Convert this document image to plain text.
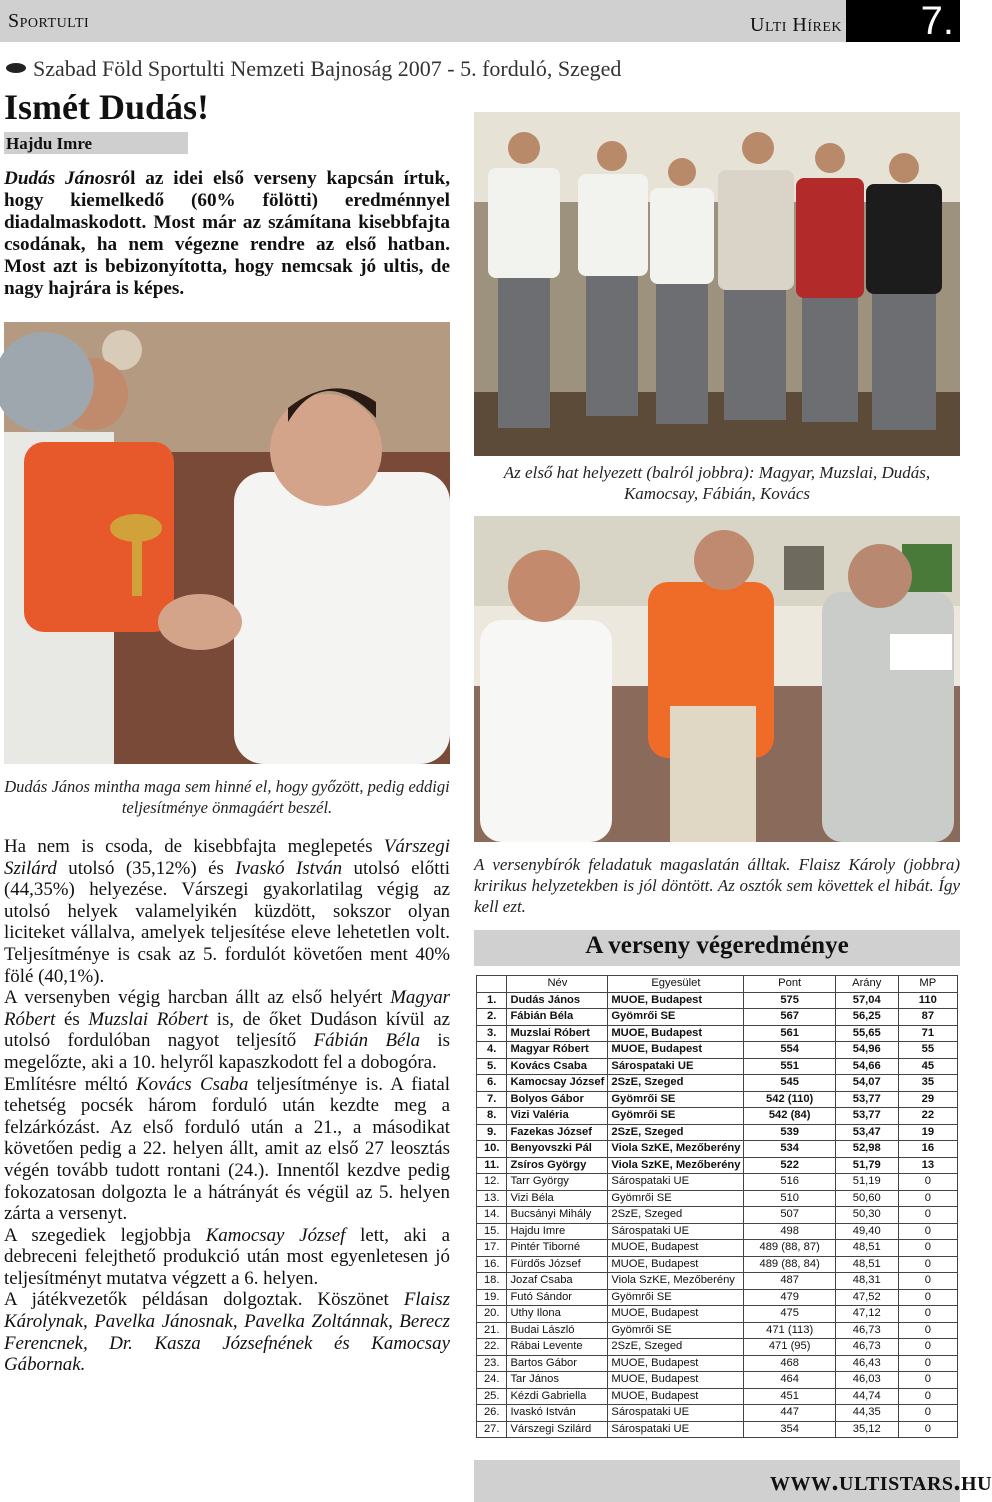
Sportulti	Ulti Hírek	7.
Szabad Föld Sportulti Nemzeti Bajnoság 2007 - 5. forduló, Szeged
Ismét Dudás!
Hajdu Imre
Dudás Jánosról az idei első verseny kapcsán írtuk, hogy kiemelkedő (60% fölötti) eredménnyel diadalmaskodott. Most már az számítana kisebbfajta csodának, ha nem végezne rendre az első hatban. Most azt is bebizonyította, hogy nemcsak jó ultis, de nagy hajrára is képes.
Az első hat helyezett (balról jobbra): Magyar, Muzslai, Dudás, Kamocsay, Fábián, Kovács
Dudás János mintha maga sem hinné el, hogy győzött, pedig eddigi teljesítménye önmagáért beszél.
A versenybírók feladatuk magaslatán álltak. Flaisz Károly (jobbra) kririkus helyzetekben is jól döntött. Az osztók sem követtek el hibát. Így kell ezt.

Ha nem is csoda, de kisebbfajta meglepetés Várszegi Szilárd utolsó (35,12%) és Ivaskó István utolsó előtti (44,35%) helyezése. Várszegi gyakorlatilag végig az utolsó helyek valamelyikén küzdött, sokszor olyan liciteket vállalva, amelyek teljesítése eleve lehetetlen volt. Teljesítménye is csak az 5. fordulót követően ment 40% fölé (40,1%).

A versenyben végig harcban állt az első helyért Magyar Róbert és Muzslai Róbert is, de őket Dudáson kívül az utolsó fordulóban nagyot teljesítő Fábián Béla is megelőzte, aki a 10. helyről kapaszkodott fel a dobogóra.

Említésre méltó Kovács Csaba teljesítménye is. A fiatal tehetség pocsék három forduló után kezdte meg a felzárkózást. Az első forduló után a 21., a másodikat követően pedig a 22. helyen állt, amit az első 27 leosztás végén tovább tudott rontani (24.). Innentől kezdve pedig fokozatosan dolgozta le a hátrányát és végül az 5. helyen zárta a versenyt.

A szegediek legjobbja Kamocsay József lett, aki a debreceni felejthető produkció után most egyenletesen jó teljesítményt mutatva végzett a 6. helyen.

A játékvezetők példásan dolgoztak. Köszönet Flaisz Károlynak, Pavelka Jánosnak, Pavelka Zoltánnak, Berecz Ferencnek, Dr. Kasza Józsefnének és Kamocsay Gábornak.

A verseny végeredménye
	Név	Egyesület	Pont	Arány	MP
1.	Dudás János	MUOE, Budapest	575	57,04	110
2.	Fábián Béla	Gyömrői SE	567	56,25	87
3.	Muzslai Róbert	MUOE, Budapest	561	55,65	71
4.	Magyar Róbert	MUOE, Budapest	554	54,96	55
5.	Kovács Csaba	Sárospataki UE	551	54,66	45
6.	Kamocsay József	2SzE, Szeged	545	54,07	35
7.	Bolyos Gábor	Gyömrői SE	542 (110)	53,77	29
8.	Vizi Valéria	Gyömrői SE	542 (84)	53,77	22
9.	Fazekas József	2SzE, Szeged	539	53,47	19
10.	Benyovszki Pál	Viola SzKE, Mezőberény	534	52,98	16
11.	Zsíros György	Viola SzKE, Mezőberény	522	51,79	13
12.	Tarr György	Sárospataki UE	516	51,19	0
13.	Vizi Béla	Gyömrői SE	510	50,60	0
14.	Bucsányi Mihály	2SzE, Szeged	507	50,30	0
15.	Hajdu Imre	Sárospataki UE	498	49,40	0
17.	Pintér Tiborné	MUOE, Budapest	489 (88, 87)	48,51	0
16.	Fürdős József	MUOE, Budapest	489 (88, 84)	48,51	0
18.	Jozaf Csaba	Viola SzKE, Mezőberény	487	48,31	0
19.	Futó Sándor	Gyömrői SE	479	47,52	0
20.	Uthy Ilona	MUOE, Budapest	475	47,12	0
21.	Budai László	Gyömrői SE	471 (113)	46,73	0
22.	Rábai Levente	2SzE, Szeged	471 (95)	46,73	0
23.	Bartos Gábor	MUOE, Budapest	468	46,43	0
24.	Tar János	MUOE, Budapest	464	46,03	0
25.	Kézdi Gabriella	MUOE, Budapest	451	44,74	0
26.	Ivaskó István	Sárospataki UE	447	44,35	0
27.	Várszegi Szilárd	Sárospataki UE	354	35,12	0
www.ultistars.hu
